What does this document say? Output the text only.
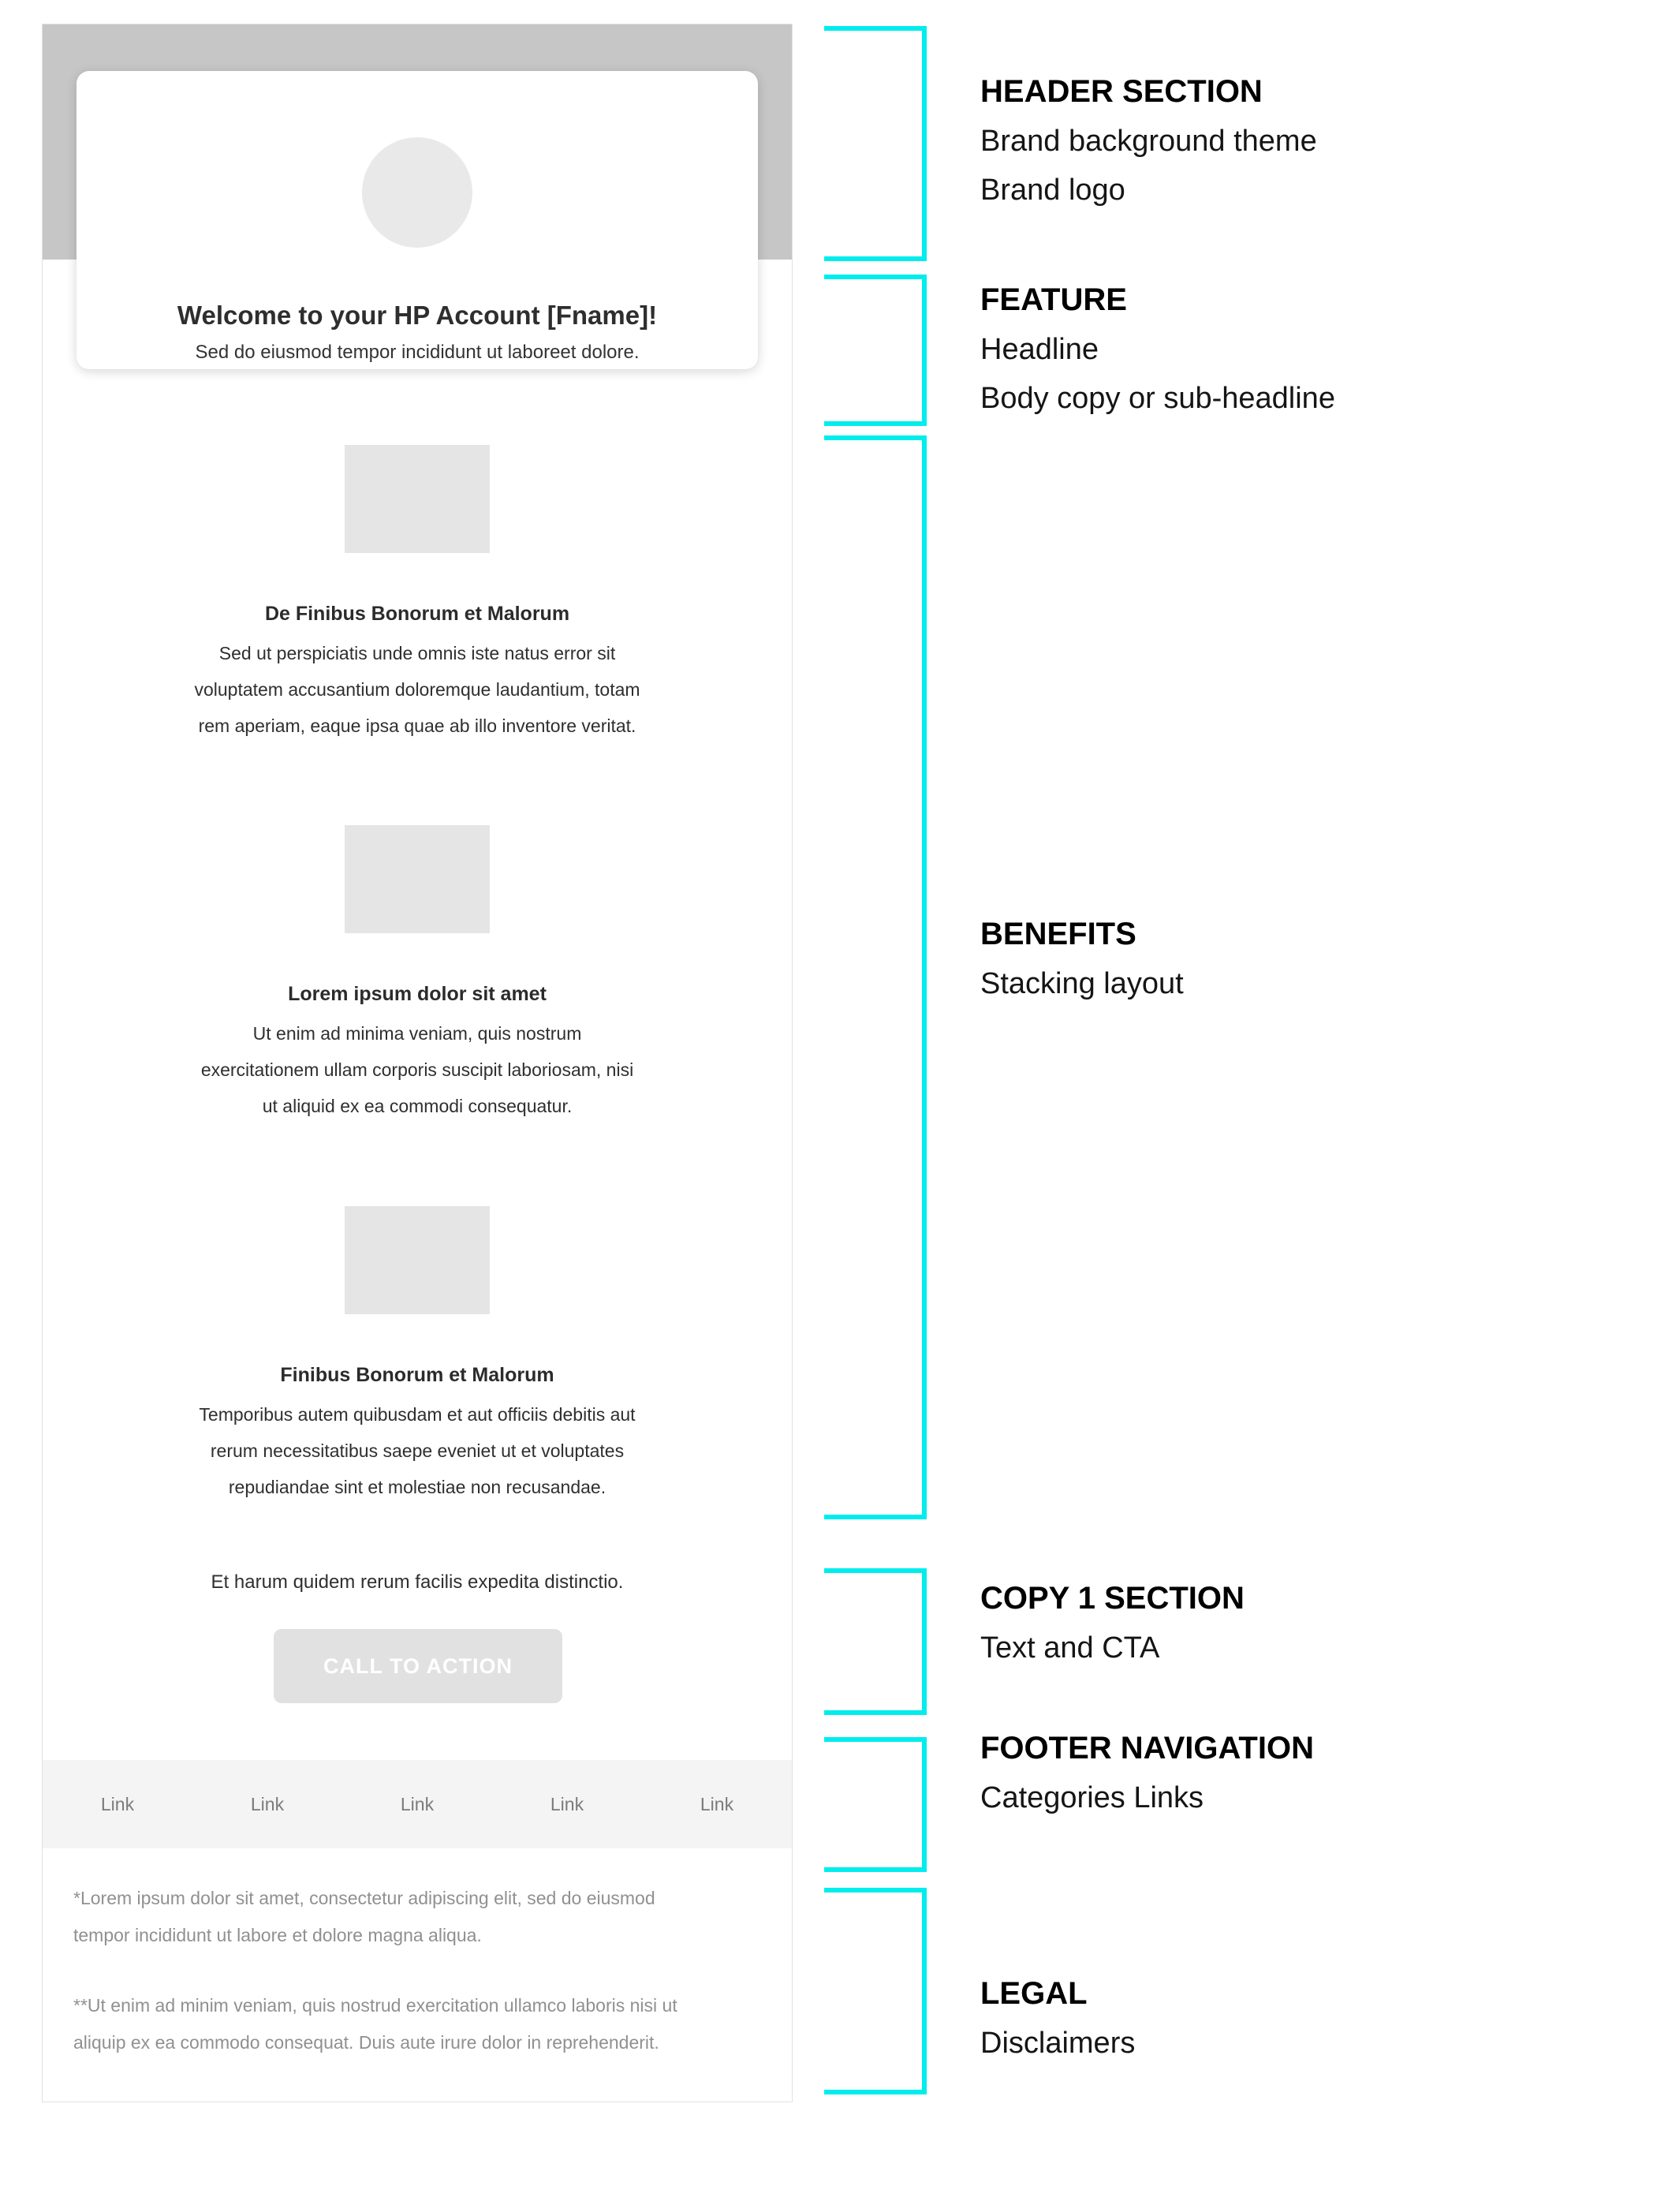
Welcome to your HP Account [Fname]!
Sed do eiusmod tempor incididunt ut laboreet dolore.
De Finibus Bonorum et Malorum
Sed ut perspiciatis unde omnis iste natus error sit
voluptatem accusantium doloremque laudantium, totam
rem aperiam, eaque ipsa quae ab illo inventore veritat.
Lorem ipsum dolor sit amet
Ut enim ad minima veniam, quis nostrum
exercitationem ullam corporis suscipit laboriosam, nisi
ut aliquid ex ea commodi consequatur.
Finibus Bonorum et Malorum
Temporibus autem quibusdam et aut officiis debitis aut
rerum necessitatibus saepe eveniet ut et voluptates
repudiandae sint et molestiae non recusandae.
Et harum quidem rerum facilis expedita distinctio.
CALL TO ACTION
Link	Link	Link	Link	Link

*Lorem ipsum dolor sit amet, consectetur adipiscing elit, sed do eiusmod
tempor incididunt ut labore et dolore magna aliqua.

**Ut enim ad minim veniam, quis nostrud exercitation ullamco laboris nisi ut
aliquip ex ea commodo consequat. Duis aute irure dolor in reprehenderit.

HEADER SECTION
Brand background theme
Brand logo
FEATURE
Headline
Body copy or sub-headline
BENEFITS
Stacking layout
COPY 1 SECTION
Text and CTA
FOOTER NAVIGATION
Categories Links
LEGAL
Disclaimers
